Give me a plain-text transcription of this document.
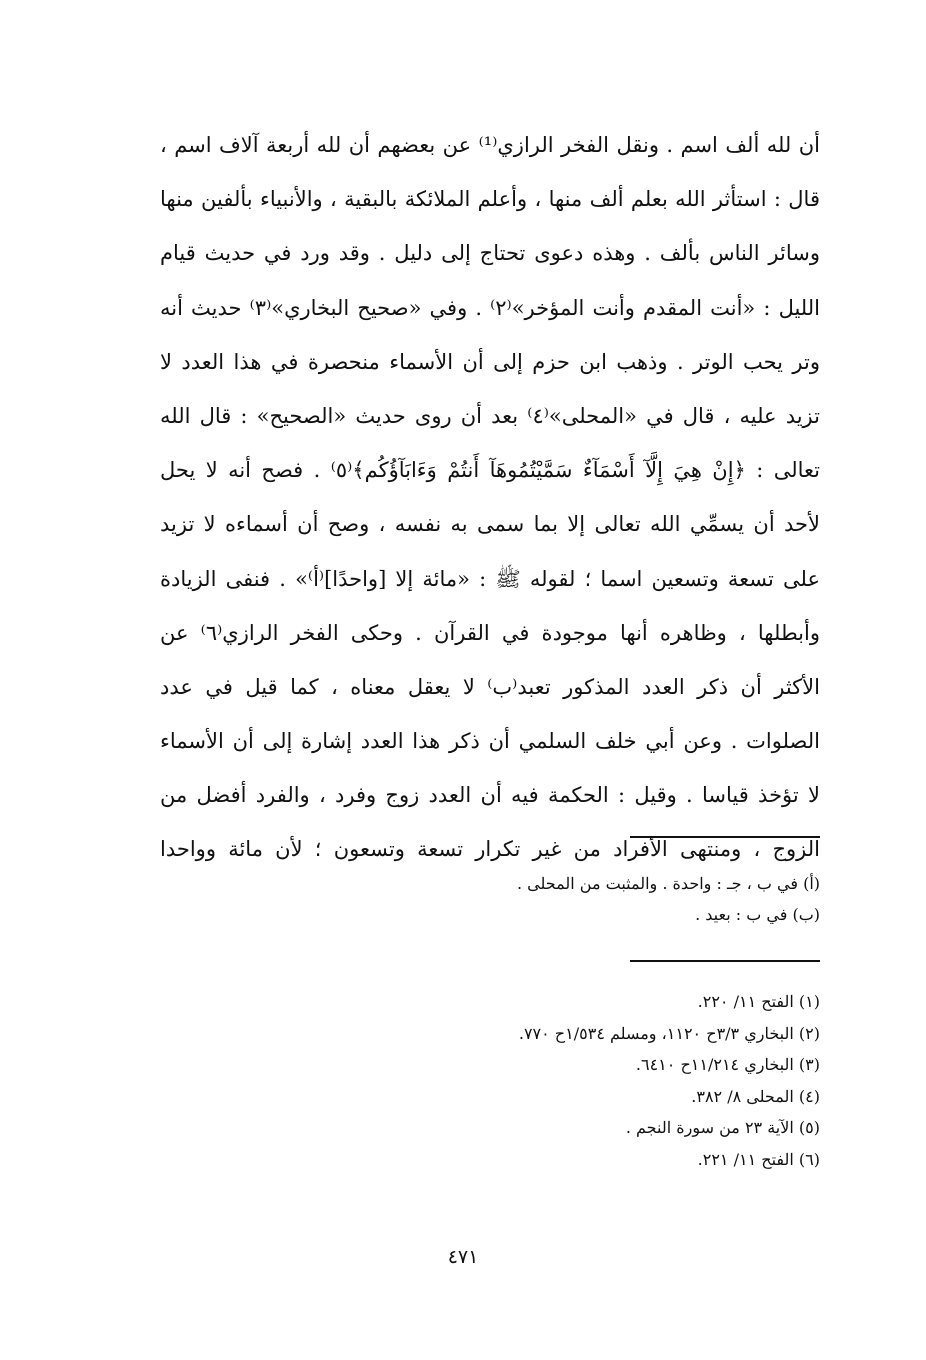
أن لله ألف اسم . ونقل الفخر الرازي⁽¹⁾ عن بعضهم أن لله أربعة آلاف اسم ،
قال : استأثر الله بعلم ألف منها ، وأعلم الملائكة بالبقية ، والأنبياء بألفين منها
وسائر الناس بألف . وهذه دعوى تحتاج إلى دليل . وقد ورد في حديث قيام
الليل : «أنت المقدم وأنت المؤخر»⁽٢⁾ . وفي «صحيح البخاري»⁽٣⁾ حديث أنه
وتر يحب الوتر . وذهب ابن حزم إلى أن الأسماء منحصرة في هذا العدد لا
تزيد عليه ، قال في «المحلى»⁽٤⁾ بعد أن روى حديث «الصحيح» : قال الله
تعالى : ﴿إِنْ هِيَ إِلَّآ أَسْمَآءٌ سَمَّيْتُمُوهَآ أَنتُمْ وَءَابَآؤُكُم﴾⁽٥⁾ . فصح أنه لا يحل
لأحد أن يسمِّي الله تعالى إلا بما سمى به نفسه ، وصح أن أسماءه لا تزيد
على تسعة وتسعين اسما ؛ لقوله ﷺ : «مائة إلا [واحدًا]⁽أ⁾» . فنفى الزيادة
وأبطلها ، وظاهره أنها موجودة في القرآن . وحكى الفخر الرازي⁽٦⁾ عن
الأكثر أن ذكر العدد المذكور تعبد⁽ب⁾ لا يعقل معناه ، كما قيل في عدد
الصلوات . وعن أبي خلف السلمي أن ذكر هذا العدد إشارة إلى أن الأسماء
لا تؤخذ قياسا . وقيل : الحكمة فيه أن العدد زوج وفرد ، والفرد أفضل من
الزوج ، ومنتهى الأفراد من غير تكرار تسعة وتسعون ؛ لأن مائة وواحدا
(أ) في ب ، جـ : واحدة . والمثبت من المحلى .
(ب) في ب : بعيد .
(١) الفتح ١١/ ٢٢٠.
(٢) البخاري ٣/٣ح ١١٢٠، ومسلم ١/٥٣٤ح ٧٧٠.
(٣) البخاري ١١/٢١٤ح ٦٤١٠.
(٤) المحلى ٨/ ٣٨٢.
(٥) الآية ٢٣ من سورة النجم .
(٦) الفتح ١١/ ٢٢١.
٤٧١
